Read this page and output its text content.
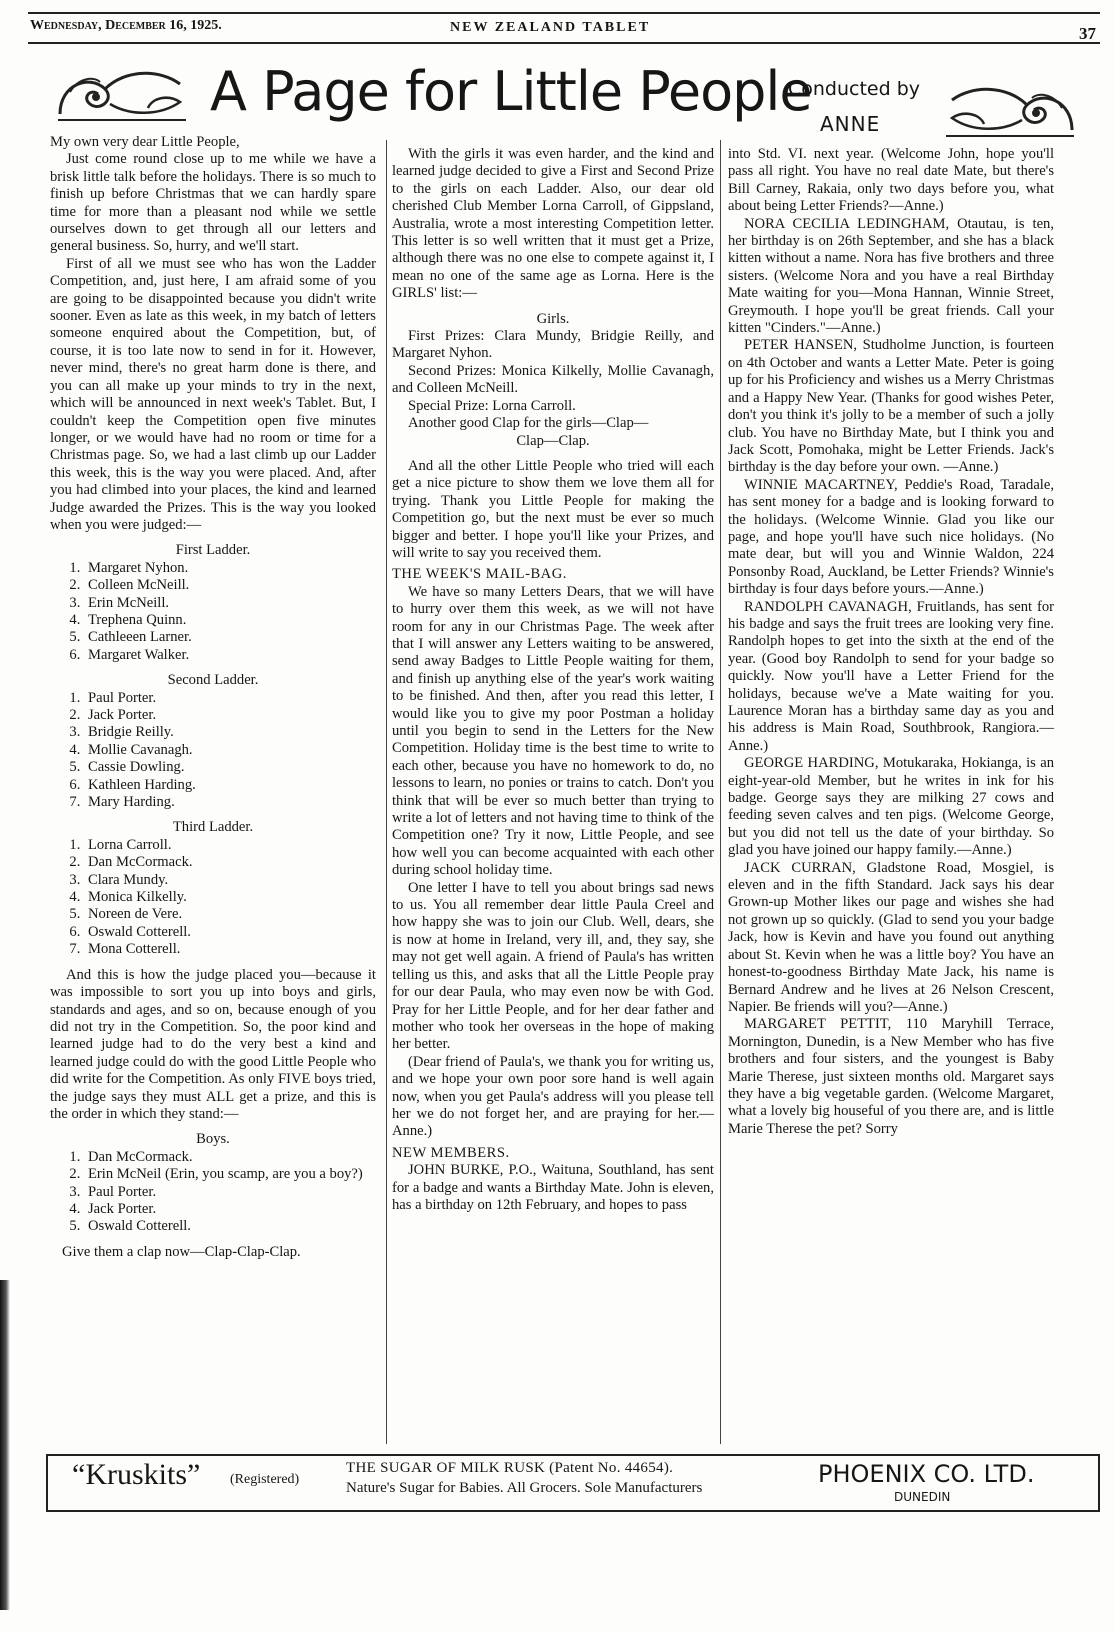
Wednesday, December 16, 1925.	NEW ZEALAND TABLET	37
A Page for Little People
Conducted by
ANNE

My own very dear Little People,

Just come round close up to me while we have a brisk little talk before the holidays. There is so much to finish up before Christmas that we can hardly spare time for more than a pleasant nod while we settle ourselves down to get through all our letters and general business. So, hurry, and we'll start.

First of all we must see who has won the Ladder Competition, and, just here, I am afraid some of you are going to be disappointed because you didn't write sooner. Even as late as this week, in my batch of letters someone enquired about the Competition, but, of course, it is too late now to send in for it. However, never mind, there's no great harm done is there, and you can all make up your minds to try in the next, which will be announced in next week's Tablet. But, I couldn't keep the Competition open five minutes longer, or we would have had no room or time for a Christmas page. So, we had a last climb up our Ladder this week, this is the way you were placed. And, after you had climbed into your places, the kind and learned Judge awarded the Prizes. This is the way you looked when you were judged:—

First Ladder.

1. Margaret Nyhon.
2. Colleen McNeill.
3. Erin McNeill.
4. Trephena Quinn.
5. Cathleeen Larner.
6. Margaret Walker.

Second Ladder.

1. Paul Porter.
2. Jack Porter.
3. Bridgie Reilly.
4. Mollie Cavanagh.
5. Cassie Dowling.
6. Kathleen Harding.
7. Mary Harding.

Third Ladder.

1. Lorna Carroll.
2. Dan McCormack.
3. Clara Mundy.
4. Monica Kilkelly.
5. Noreen de Vere.
6. Oswald Cotterell.
7. Mona Cotterell.

And this is how the judge placed you—because it was impossible to sort you up into boys and girls, standards and ages, and so on, because enough of you did not try in the Competition. So, the poor kind and learned judge had to do the very best a kind and learned judge could do with the good Little People who did write for the Competition. As only FIVE boys tried, the judge says they must ALL get a prize, and this is the order in which they stand:—

Boys.

1. Dan McCormack.
2. Erin McNeil (Erin, you scamp, are you a boy?)
3. Paul Porter.
4. Jack Porter.
5. Oswald Cotterell.

Give them a clap now—Clap-Clap-Clap.

With the girls it was even harder, and the kind and learned judge decided to give a First and Second Prize to the girls on each Ladder. Also, our dear old cherished Club Member Lorna Carroll, of Gippsland, Australia, wrote a most interesting Competition letter. This letter is so well written that it must get a Prize, although there was no one else to compete against it, I mean no one of the same age as Lorna. Here is the GIRLS' list:—

Girls.

First Prizes: Clara Mundy, Bridgie Reilly, and Margaret Nyhon.

Second Prizes: Monica Kilkelly, Mollie Cavanagh, and Colleen McNeill.

Special Prize: Lorna Carroll.

Another good Clap for the girls—Clap—

Clap—Clap.

And all the other Little People who tried will each get a nice picture to show them we love them all for trying. Thank you Little People for making the Competition go, but the next must be ever so much bigger and better. I hope you'll like your Prizes, and will write to say you received them.

THE WEEK'S MAIL-BAG.

We have so many Letters Dears, that we will have to hurry over them this week, as we will not have room for any in our Christmas Page. The week after that I will answer any Letters waiting to be answered, send away Badges to Little People waiting for them, and finish up anything else of the year's work waiting to be finished. And then, after you read this letter, I would like you to give my poor Postman a holiday until you begin to send in the Letters for the New Competition. Holiday time is the best time to write to each other, because you have no homework to do, no lessons to learn, no ponies or trains to catch. Don't you think that will be ever so much better than trying to write a lot of letters and not having time to think of the Competition one? Try it now, Little People, and see how well you can become acquainted with each other during school holiday time.

One letter I have to tell you about brings sad news to us. You all remember dear little Paula Creel and how happy she was to join our Club. Well, dears, she is now at home in Ireland, very ill, and, they say, she may not get well again. A friend of Paula's has written telling us this, and asks that all the Little People pray for our dear Paula, who may even now be with God. Pray for her Little People, and for her dear father and mother who took her overseas in the hope of making her better.

(Dear friend of Paula's, we thank you for writing us, and we hope your own poor sore hand is well again now, when you get Paula's address will you please tell her we do not forget her, and are praying for her.—Anne.)

NEW MEMBERS.

JOHN BURKE, P.O., Waituna, Southland, has sent for a badge and wants a Birthday Mate. John is eleven, has a birthday on 12th February, and hopes to pass

into Std. VI. next year. (Welcome John, hope you'll pass all right. You have no real date Mate, but there's Bill Carney, Rakaia, only two days before you, what about being Letter Friends?—Anne.)

NORA CECILIA LEDINGHAM, Otautau, is ten, her birthday is on 26th September, and she has a black kitten without a name. Nora has five brothers and three sisters. (Welcome Nora and you have a real Birthday Mate waiting for you—Mona Hannan, Winnie Street, Greymouth. I hope you'll be great friends. Call your kitten "Cinders."—Anne.)

PETER HANSEN, Studholme Junction, is fourteen on 4th October and wants a Letter Mate. Peter is going up for his Proficiency and wishes us a Merry Christmas and a Happy New Year. (Thanks for good wishes Peter, don't you think it's jolly to be a member of such a jolly club. You have no Birthday Mate, but I think you and Jack Scott, Pomohaka, might be Letter Friends. Jack's birthday is the day before your own. —Anne.)

WINNIE MACARTNEY, Peddie's Road, Taradale, has sent money for a badge and is looking forward to the holidays. (Welcome Winnie. Glad you like our page, and hope you'll have such nice holidays. (No mate dear, but will you and Winnie Waldon, 224 Ponsonby Road, Auckland, be Letter Friends? Winnie's birthday is four days before yours.—Anne.)

RANDOLPH CAVANAGH, Fruitlands, has sent for his badge and says the fruit trees are looking very fine. Randolph hopes to get into the sixth at the end of the year. (Good boy Randolph to send for your badge so quickly. Now you'll have a Letter Friend for the holidays, because we've a Mate waiting for you. Laurence Moran has a birthday same day as you and his address is Main Road, Southbrook, Rangiora.—Anne.)

GEORGE HARDING, Motukaraka, Hokianga, is an eight-year-old Member, but he writes in ink for his badge. George says they are milking 27 cows and feeding seven calves and ten pigs. (Welcome George, but you did not tell us the date of your birthday. So glad you have joined our happy family.—Anne.)

JACK CURRAN, Gladstone Road, Mosgiel, is eleven and in the fifth Standard. Jack says his dear Grown-up Mother likes our page and wishes she had not grown up so quickly. (Glad to send you your badge Jack, how is Kevin and have you found out anything about St. Kevin when he was a little boy? You have an honest-to-goodness Birthday Mate Jack, his name is Bernard Andrew and he lives at 26 Nelson Crescent, Napier. Be friends will you?—Anne.)

MARGARET PETTIT, 110 Maryhill Terrace, Mornington, Dunedin, is a New Member who has five brothers and four sisters, and the youngest is Baby Marie Therese, just sixteen months old. Margaret says they have a big vegetable garden. (Welcome Margaret, what a lovely big houseful of you there are, and is little Marie Therese the pet? Sorry

“Kruskits” (Registered)
THE SUGAR OF MILK RUSK (Patent No. 44654).
Nature's Sugar for Babies. All Grocers. Sole Manufacturers	PHOENIX CO. LTD.
DUNEDIN
